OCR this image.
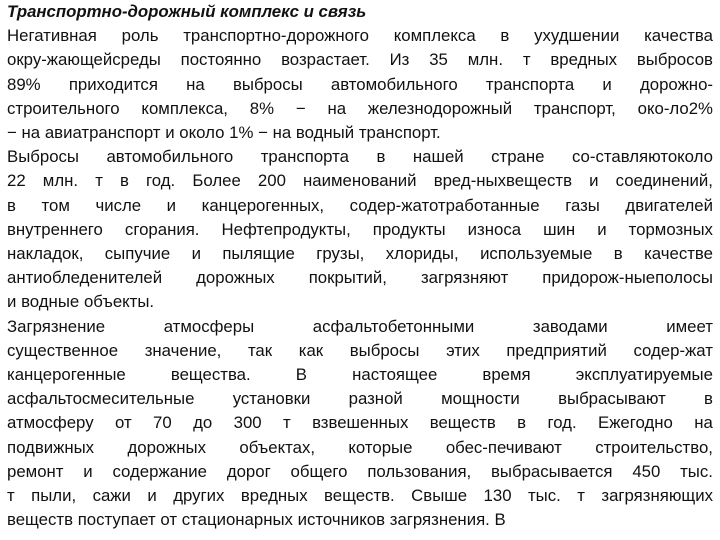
Транспортно-дорожный комплекс и связь
Негативная роль транспортно-дорожного комплекса в ухудшении качества
окру-жающейсреды постоянно возрастает. Из 35 млн. т вредных выбросов
89% приходится на выбросы автомобильного транспорта и дорожно-
строительного комплекса, 8% − на железнодорожный транспорт, око-ло2%
− на авиатранспорт и около 1% − на водный транспорт.
Выбросы автомобильного транспорта в нашей стране со-ставляютоколо
22 млн. т в год. Более 200 наименований вред-ныхвеществ и соединений,
в том числе и канцерогенных, содер-жатотработанные газы двигателей
внутреннего сгорания. Нефтепродукты, продукты износа шин и тормозных
накладок, сыпучие и пылящие грузы, хлориды, используемые в качестве
антиобледенителей дорожных покрытий, загрязняют придорож-ныеполосы
и водные объекты.
Загрязнение	атмосферы	асфальтобетонными	заводами	имеет
существенное значение, так как выбросы этих предприятий содер-жат
канцерогенные	вещества.	В	настоящее	время	эксплуатируемые
асфальтосмесительные установки разной мощности выбрасывают в
атмосферу от 70 до 300 т взвешенных веществ в год. Ежегодно на
подвижных дорожных объектах, которые обес-печивают строительство,
ремонт и содержание дорог общего пользования, выбрасывается 450 тыс.
т пыли, сажи и других вредных веществ. Свыше 130 тыс. т загрязняющих
веществ поступает от стационарных источников загрязнения. В
